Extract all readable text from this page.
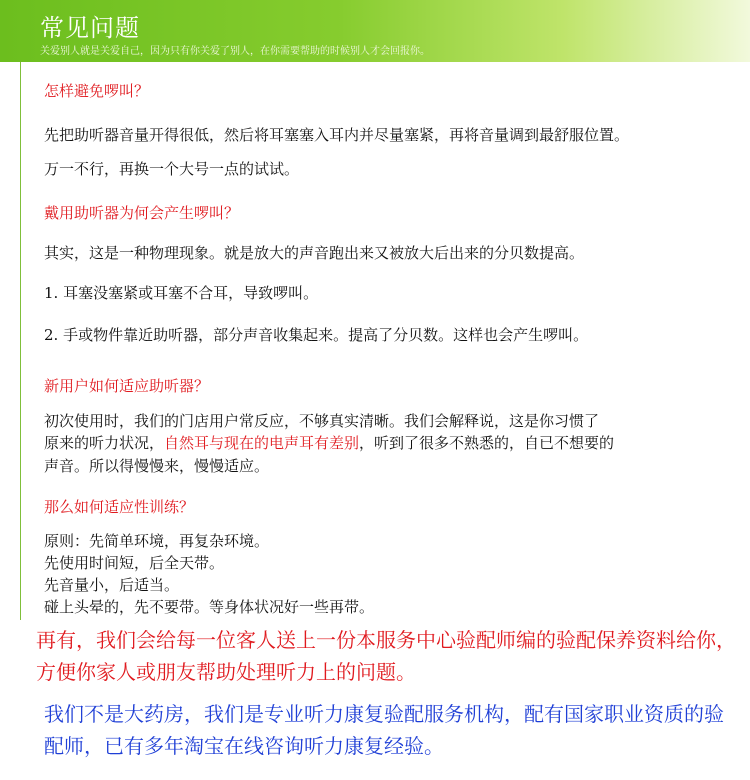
常见问题
关爱别人就是关爱自己，因为只有你关爱了别人，在你需要帮助的时候别人才会回报你。
怎样避免啰叫？
先把助听器音量开得很低，然后将耳塞塞入耳内并尽量塞紧，再将音量调到最舒服位置。
万一不行，再换一个大号一点的试试。
戴用助听器为何会产生啰叫？
其实，这是一种物理现象。就是放大的声音跑出来又被放大后出来的分贝数提高。
1. 耳塞没塞紧或耳塞不合耳，导致啰叫。
2. 手或物件靠近助听器，部分声音收集起来。提高了分贝数。这样也会产生啰叫。
新用户如何适应助听器？
初次使用时，我们的门店用户常反应，不够真实清晰。我们会解释说，这是你习惯了
原来的听力状况，自然耳与现在的电声耳有差别，听到了很多不熟悉的，自已不想要的
声音。所以得慢慢来，慢慢适应。
那么如何适应性训练？
原则：先简单环境，再复杂环境。
先使用时间短，后全天带。
先音量小，后适当。
碰上头晕的，先不要带。等身体状况好一些再带。
再有，我们会给每一位客人送上一份本服务中心验配师编的验配保养资料给你，方便你家人或朋友帮助处理听力上的问题。
我们不是大药房，我们是专业听力康复验配服务机构，配有国家职业资质的验配师，已有多年淘宝在线咨询听力康复经验。
